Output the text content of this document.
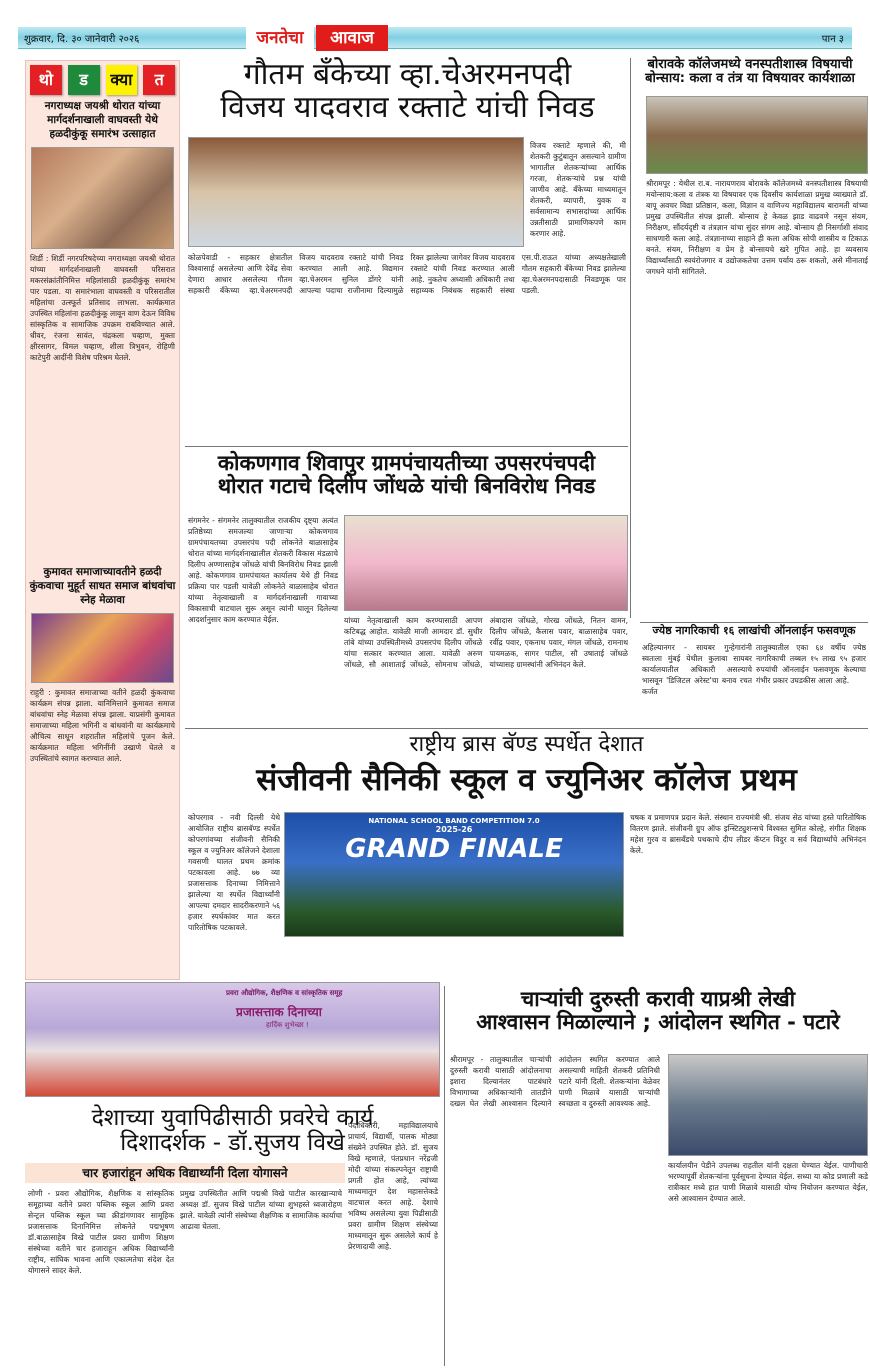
शुक्रवार, दि. ३० जानेवारी २०२६	जनतेचा	आवाज	पान ३
थो	ड	क्या	त
नगराध्यक्ष जयश्री थोरात यांच्या मार्गदर्शनाखाली वाघवस्ती येथे हळदीकुंकू समारंभ उत्साहात
शिर्डी : शिर्डी नगरपरिषदेच्या नगराध्यक्षा जयश्री थोरात यांच्या मार्गदर्शनाखाली वाघवस्ती परिसरात मकरसंक्रांतीनिमित्त महिलांसाठी हळदीकुंकू समारंभ पार पडला. या समारंभाला वाघवस्ती व परिसरातील महिलांचा उत्स्फूर्त प्रतिसाद लाभला. कार्यक्रमात उपस्थित महिलांना हळदीकुंकू लावून वाण देऊन विविध सांस्कृतिक व सामाजिक उपक्रम राबविण्यात आले. धीवर, रंजना सावंत, चंद्रकला चव्हाण, मुक्ता क्षीरसागर, विमल चव्हाण, शीला त्रिभुवन, रोहिणी काटेपुरी आदींनी विशेष परिश्रम घेतले.
कुमावत समाजाच्यावतीने हळदी कुंकवाचा मुहूर्त साधत समाज बांधवांचा स्नेह मेळावा
राहुरी : कुमावत समाजाच्या वतीने हळदी कुंकवाचा कार्यक्रम संपन्न झाला. यानिमित्ताने कुमावत समाज बांधवांचा स्नेह मेळावा संपन्न झाला. याप्रसंगी कुमावत समाजाच्या महिला भगिनी व बांधवांनी या कार्यक्रमाचे औचित्य साधून शहरातील महिलांचे पूजन केले. कार्यक्रमात महिला भगिनींनी उखाणे घेतले व उपस्थितांचे स्वागत करण्यात आले.
गौतम बँकेच्या व्हा.चेअरमनपदी
विजय यादवराव रक्ताटे यांची निवड
विजय रक्ताटे म्हणाले की, मी शेतकरी कुटुंबातून असल्याने ग्रामीण भागातील शेतकऱ्यांच्या आर्थिक गरजा, शेतकऱ्यांचे प्रश्न यांची जाणीव आहे. बँकेच्या माध्यमातून शेतकरी, व्यापारी, युवक व सर्वसामान्य सभासदांच्या आर्थिक उन्नतीसाठी प्रामाणिकपणे काम करणार आहे.
कोळपेवाडी - सहकार क्षेत्रातील विश्वासार्ह असलेल्या आणि देवेंद्र सेवा देणारा आधार असलेल्या गौतम सहकारी बँकेच्या व्हा.चेअरमनपदी विजय यादवराव रक्ताटे यांची निवड करण्यात आली आहे. विद्यमान व्हा.चेअरमन सुनिल डोंगरे यांनी आपल्या पदाचा राजीनामा दिल्यामुळे रिक्त झालेल्या जागेवर विजय यादवराव रक्ताटे यांची निवड करण्यात आली आहे. नुकतेच अध्यासी अधिकारी तथा सहाय्यक निबंधक सहकारी संस्था एस.पी.राऊत यांच्या अध्यक्षतेखाली गौतम सहकारी बँकेच्या निवड झालेल्या व्हा.चेअरमनपदासाठी निवडणूक पार पडली.
बोरावके कॉलेजमध्ये वनस्पतीशास्त्र विषयाची
बोन्साय: कला व तंत्र या विषयावर कार्यशाळा
श्रीरामपूर : येथील रा.ब. नारायणराव बोरावके कॉलेजमध्ये वनस्पतीशास्त्र विषयाची मयोन्साय:कला व तंत्रक या विषयावर एक दिवसीय कार्यशाळा प्रमुख व्याख्याते डॉ. बापू अवचर विद्या प्रतिष्ठान, कला, विज्ञान व वाणिज्य महाविद्यालय बारामती यांच्या प्रमुख उपस्थितीत संपन्न झाली. बोन्साय हे केवळ झाड वाढवणे नसून संयम, निरीक्षण, सौंदर्यदृष्टी व तंत्रज्ञान यांचा सुंदर संगम आहे. बोन्साय ही निसर्गाशी संवाद साधणारी कला आहे. तंत्रज्ञानाच्या साहाने ही कला अधिक सोपी शास्त्रीय व टिकाऊ बनते. संयम, निरीक्षण व प्रेम हे बोन्सायचे खरे गुपित आहे. हा व्यवसाय विद्यार्थ्यांसाठी स्वयंरोजगार व उद्योजकतेचा उत्तम पर्याय ठरू शकतो, असे मीनाताई जगधने यांनी सांगितले.
कोकणगाव शिवापुर ग्रामपंचायतीच्या उपसरपंचपदी
थोरात गटाचे दिलीप जोंधळे यांची बिनविरोध निवड
संगमनेर - संगमनेर तालुक्यातील राजकीय दृष्ट्या अत्यंत प्रतिष्ठेच्या समजल्या जाणाऱ्या कोकणगाव ग्रामपंचायतच्या उपसरपंच पदी लोकनेते बाळासाहेब थोरात यांच्या मार्गदर्शनाखालील शेतकरी विकास मंडळाचे दिलीप अण्णासाहेब जोंधळे यांची बिनविरोध निवड झाली आहे. कोकणगाव ग्रामपंचायत कार्यालय येथे ही निवड प्रक्रिया पार पडली यावेळी लोकनेते बाळासाहेब थोरात यांच्या नेतृत्वाखाली व मार्गदर्शनाखाली गावाच्या विकासाची वाटचाल सुरू असून त्यांनी घालून दिलेल्या आदर्शानुसार काम करण्यात येईल.	यांच्या नेतृत्वाखाली काम करण्यासाठी आपण कटिबद्ध आहोत. यावेळी माजी आमदार डॉ. सुधीर तांबे यांच्या उपस्थितीमध्ये उपसरपंच दिलीप जोंधळे यांचा सत्कार करण्यात आला. यावेळी अरुण जोंधळे, सौ आशाताई जोंधळे, सोमनाथ जोंधळे, अंबादास जोंधळे, गोरख जोंधळे, नितन वामन, दिलीप जोंधळे, कैलास पवार, बाळासाहेब पवार, रवींद्र पवार, एकनाथ पवार, मंगल जोंधळे, रामनाथ पायमळक, सागर पाटील, सौ उषाताई जोंधळे यांच्यासह ग्रामस्थांनी अभिनंदन केले.
ज्येष्ठ नागरिकाची १६ लाखांची ऑनलाईन फसवणूक
अहिल्यानगर - सायबर गुन्हेगारांनी स्वतःला मुंबई येथील कुलाबा सायबर कार्यालयातील अधिकारी असल्याचे भासवून 'डिजिटल अरेस्ट'चा बनाव रचत कर्जत
तालुक्यातील एका ६४ वर्षीय ज्येष्ठ नागरिकाची तब्बल १५ लाख ९५ हजार रुपयांची ऑनलाईन फसवणूक केल्याचा गंभीर प्रकार उघडकीस आला आहे.
राष्ट्रीय ब्रास बॅण्ड स्पर्धेत देशात
संजीवनी सैनिकी स्कूल व ज्युनिअर कॉलेज प्रथम
कोपरगाव - नवी दिल्ली येथे आयोजित राष्ट्रीय ब्रासबॅण्ड स्पर्धेत कोपरगांवच्या संजीवनी सैनिकी स्कूल व ज्युनिअर कॉलेजने देशाला गवसणी घालत प्रथम क्रमांक पटकावला आहे. ७७ व्या प्रजासत्ताक दिनाच्या निमित्ताने झालेल्या या स्पर्धेत विद्यार्थ्यांनी आपल्या दमदार सादरीकरणाने ५६ हजार स्पर्धकांवर मात करत पारितोषिक पटकावले.
NATIONAL SCHOOL BAND COMPETITION 7.0
2025-26
GRAND FINALE
चषक व प्रमाणपत्र प्रदान केले. संस्थान राज्यमंत्री श्री. संजय सेठ यांच्या हस्ते पारितोषिक वितरण झाले. संजीवनी ग्रुप ऑफ इन्स्टिट्युशन्सचे विश्वस्त सुमित कोल्हे, संगीत शिक्षक महेश गुरव व ब्रासबँडचे पथकाचे दीप लीडर कॅप्टन विदुर व सर्व विद्यार्थ्यांचे अभिनंदन केले.
प्रवरा औद्योगिक, शैक्षणिक व सांस्कृतिक समूह
प्रजासत्ताक दिनाच्या
हार्दिक शुभेच्छा !
देशाच्या युवापिढीसाठी प्रवरेचे कार्य
दिशादर्शक - डॉ.सुजय विखे
चार हजारांहून अधिक विद्यार्थ्यांनी दिला योगासने
लोणी - प्रवरा औद्योगिक, शैक्षणिक व सांस्कृतिक समूहाच्या वतीने प्रवरा पब्लिक स्कूल आणि प्रवरा सेन्ट्रल पब्लिक स्कूल च्या क्रीडांगणावर सामूहिक प्रजासत्ताक दिनानिमित्त लोकनेते पद्मभूषण डॉ.बाळासाहेब विखे पाटील प्रवरा ग्रामीण शिक्षण संस्थेच्या वतीने चार हजाराहून अधिक विद्यार्थ्यांनी राष्ट्रीय, सांघिक भावना आणि एकात्मतेचा संदेश देत योगासने सादर केले.
प्रमुख उपस्थितीत आणि पद्मश्री विखे पाटील कारखान्याचे अध्यक्ष डॉ. सुजय विखे पाटील यांच्या शुभहस्ते ध्वजारोहण झाले. यावेळी त्यांनी संस्थेच्या शैक्षणिक व सामाजिक कार्याचा आढावा घेतला.
पदाधिकारी, महाविद्यालयाचे प्राचार्य, विद्यार्थी, पालक मोठ्या संख्येने उपस्थित होते. डॉ. सुजय विखे म्हणाले, पंतप्रधान नरेंद्रजी मोदी यांच्या संकल्पनेतून राष्ट्राची प्रगती होत आहे, त्यांच्या माध्यमातून देश महासत्तेकडे वाटचाल करत आहे. देशाचे भविष्य असलेल्या युवा पिढीसाठी प्रवरा ग्रामीण शिक्षण संस्थेच्या माध्यमातून सुरू असलेले कार्य हे प्रेरणादायी आहे.
चाऱ्यांची दुरुस्ती करावी याप्रश्री लेखी
आश्वासन मिळाल्याने ; आंदोलन स्थगित - पटारे
श्रीरामपूर - तालुक्यातील चाऱ्यांची दुरुस्ती करावी यासाठी आंदोलनाचा इशारा दिल्यानंतर पाटबंधारे विभागाच्या अधिकाऱ्यांनी तातडीने दखल घेत लेखी आश्वासन दिल्याने आंदोलन स्थगित करण्यात आले असल्याची माहिती शेतकरी प्रतिनिधी पटारे यांनी दिली. शेतकऱ्यांना वेळेवर पाणी मिळावे यासाठी चाऱ्यांची स्वच्छता व दुरुस्ती आवश्यक आहे.
कार्यालयीन पेडीने उपलब्ध राहतील यांनी दक्षता घेण्यात येईल. पाणीचारी भरण्यापूर्वी शेतकऱ्यांना पूर्वसूचना देण्यात येईल. सध्या या कोड प्रणाली कडे रात्रीकार मध्ये हात पाणी मिळावे यासाठी योग्य नियोजन करण्यात येईल, असे आश्वासन देण्यात आले.
